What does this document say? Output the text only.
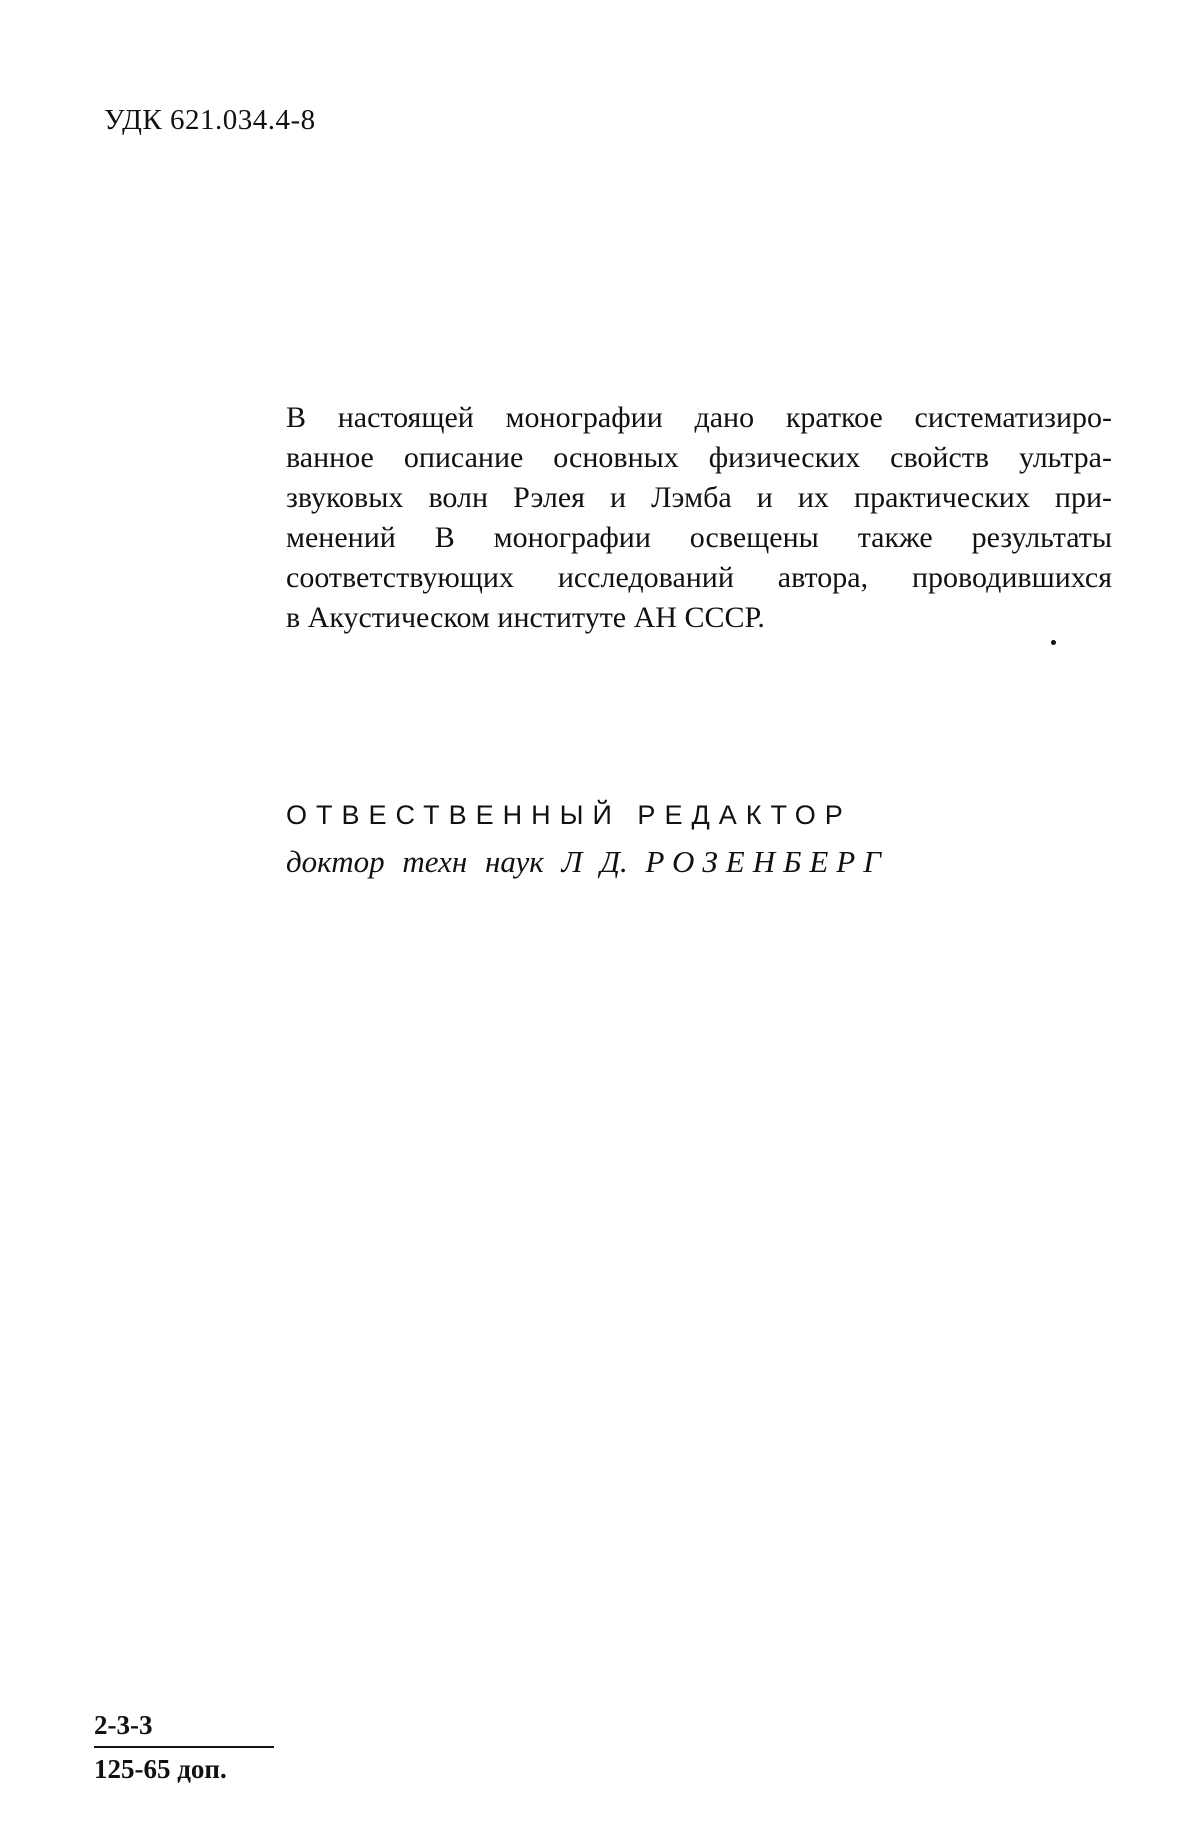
УДК 621.034.4-8
В настоящей монографии дано краткое систематизиро-
ванное описание основных физических свойств ультра-
звуковых волн Рэлея и Лэмба и их практических при-
менений В монографии освещены также результаты
соответствующих исследований автора, проводившихся
в Акустическом институте АН СССР.
ОТВЕСТВЕННЫЙ РЕДАКТОР
доктор техн наук Л Д. РОЗЕНБЕРГ
2-3-3
125-65 доп.
